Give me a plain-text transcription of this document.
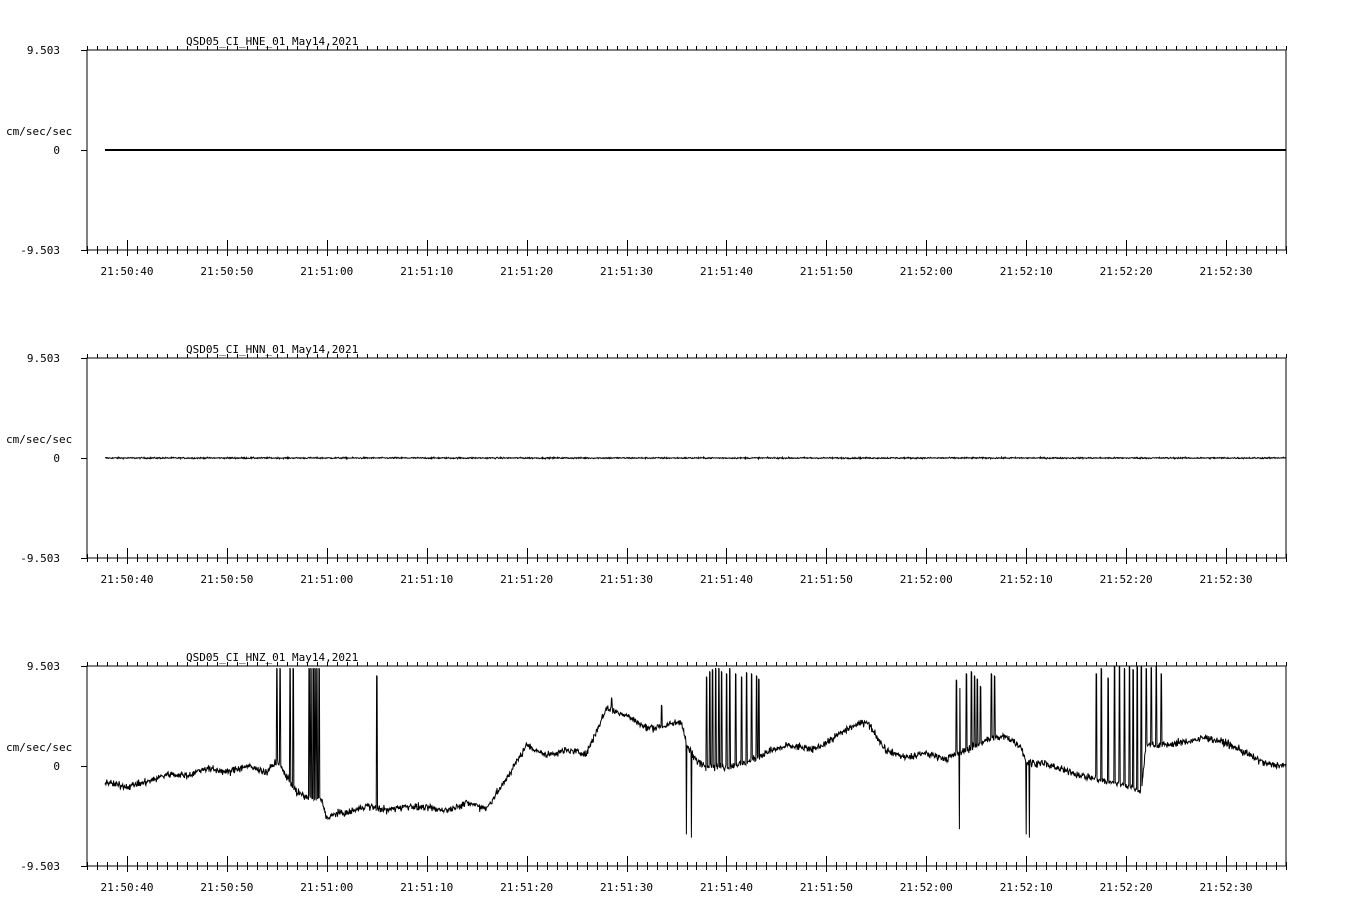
9.503
0
-9.503
cm/sec/sec
QSD05_CI_HNE_01 May14,2021
21:50:40	21:50:50	21:51:00	21:51:10	21:51:20	21:51:30	21:51:40	21:51:50	21:52:00	21:52:10	21:52:20	21:52:30
9.503
0
-9.503
cm/sec/sec
QSD05_CI_HNN_01 May14,2021
21:50:40	21:50:50	21:51:00	21:51:10	21:51:20	21:51:30	21:51:40	21:51:50	21:52:00	21:52:10	21:52:20	21:52:30
9.503
0
-9.503
cm/sec/sec
QSD05_CI_HNZ_01 May14,2021
21:50:40	21:50:50	21:51:00	21:51:10	21:51:20	21:51:30	21:51:40	21:51:50	21:52:00	21:52:10	21:52:20	21:52:30
